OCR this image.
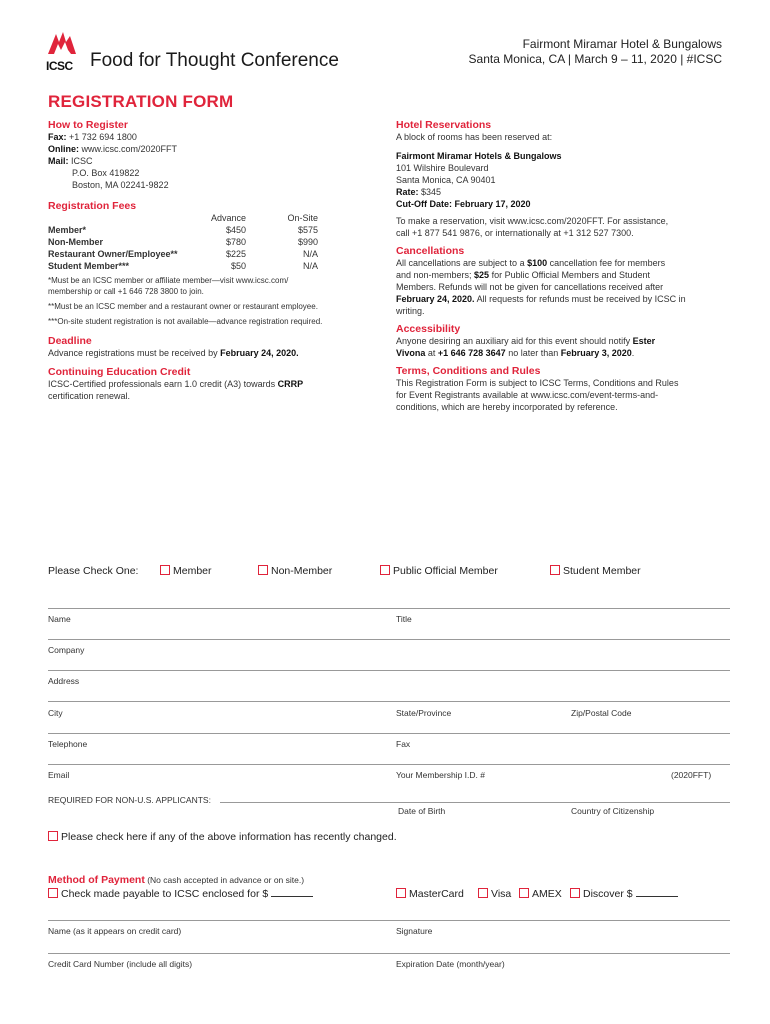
ICSC Food for Thought Conference
Fairmont Miramar Hotel & Bungalows
Santa Monica, CA | March 9 – 11, 2020 | #ICSC
REGISTRATION FORM
How to Register
Fax: +1 732 694 1800
Online: www.icsc.com/2020FFT
Mail: ICSC
P.O. Box 419822
Boston, MA 02241-9822
Registration Fees
	Advance	On-Site
Member*	$450	$575
Non-Member	$780	$990
Restaurant Owner/Employee**	$225	N/A
Student Member***	$50	N/A
*Must be an ICSC member or affiliate member—visit www.icsc.com/
membership or call +1 646 728 3800 to join.
**Must be an ICSC member and a restaurant owner or restaurant employee.
***On-site student registration is not available—advance registration required.
Deadline
Advance registrations must be received by February 24, 2020.
Continuing Education Credit
ICSC-Certified professionals earn 1.0 credit (A3) towards CRRP
certification renewal.
Hotel Reservations
A block of rooms has been reserved at:
Fairmont Miramar Hotels & Bungalows
101 Wilshire Boulevard
Santa Monica, CA 90401
Rate: $345
Cut-Off Date: February 17, 2020
To make a reservation, visit www.icsc.com/2020FFT. For assistance,
call +1 877 541 9876, or internationally at +1 312 527 7300.
Cancellations
All cancellations are subject to a $100 cancellation fee for members
and non-members; $25 for Public Official Members and Student
Members. Refunds will not be given for cancellations received after
February 24, 2020. All requests for refunds must be received by ICSC in
writing.
Accessibility
Anyone desiring an auxiliary aid for this event should notify Ester
Vivona at +1 646 728 3647 no later than February 3, 2020.
Terms, Conditions and Rules
This Registration Form is subject to ICSC Terms, Conditions and Rules
for Event Registrants available at www.icsc.com/event-terms-and-
conditions, which are hereby incorporated by reference.
Please Check One:	Member	Non-Member	Public Official Member	Student Member
Name	Title
Company
Address
City	State/Province	Zip/Postal Code
Telephone	Fax
Email	Your Membership I.D. #	(2020FFT)
REQUIRED FOR NON-U.S. APPLICANTS:
Date of Birth	Country of Citizenship
Please check here if any of the above information has recently changed.
Method of Payment (No cash accepted in advance or on site.)
Check made payable to ICSC enclosed for $	MasterCard	Visa	AMEX	Discover $
Name (as it appears on credit card)	Signature
Credit Card Number (include all digits)	Expiration Date (month/year)
